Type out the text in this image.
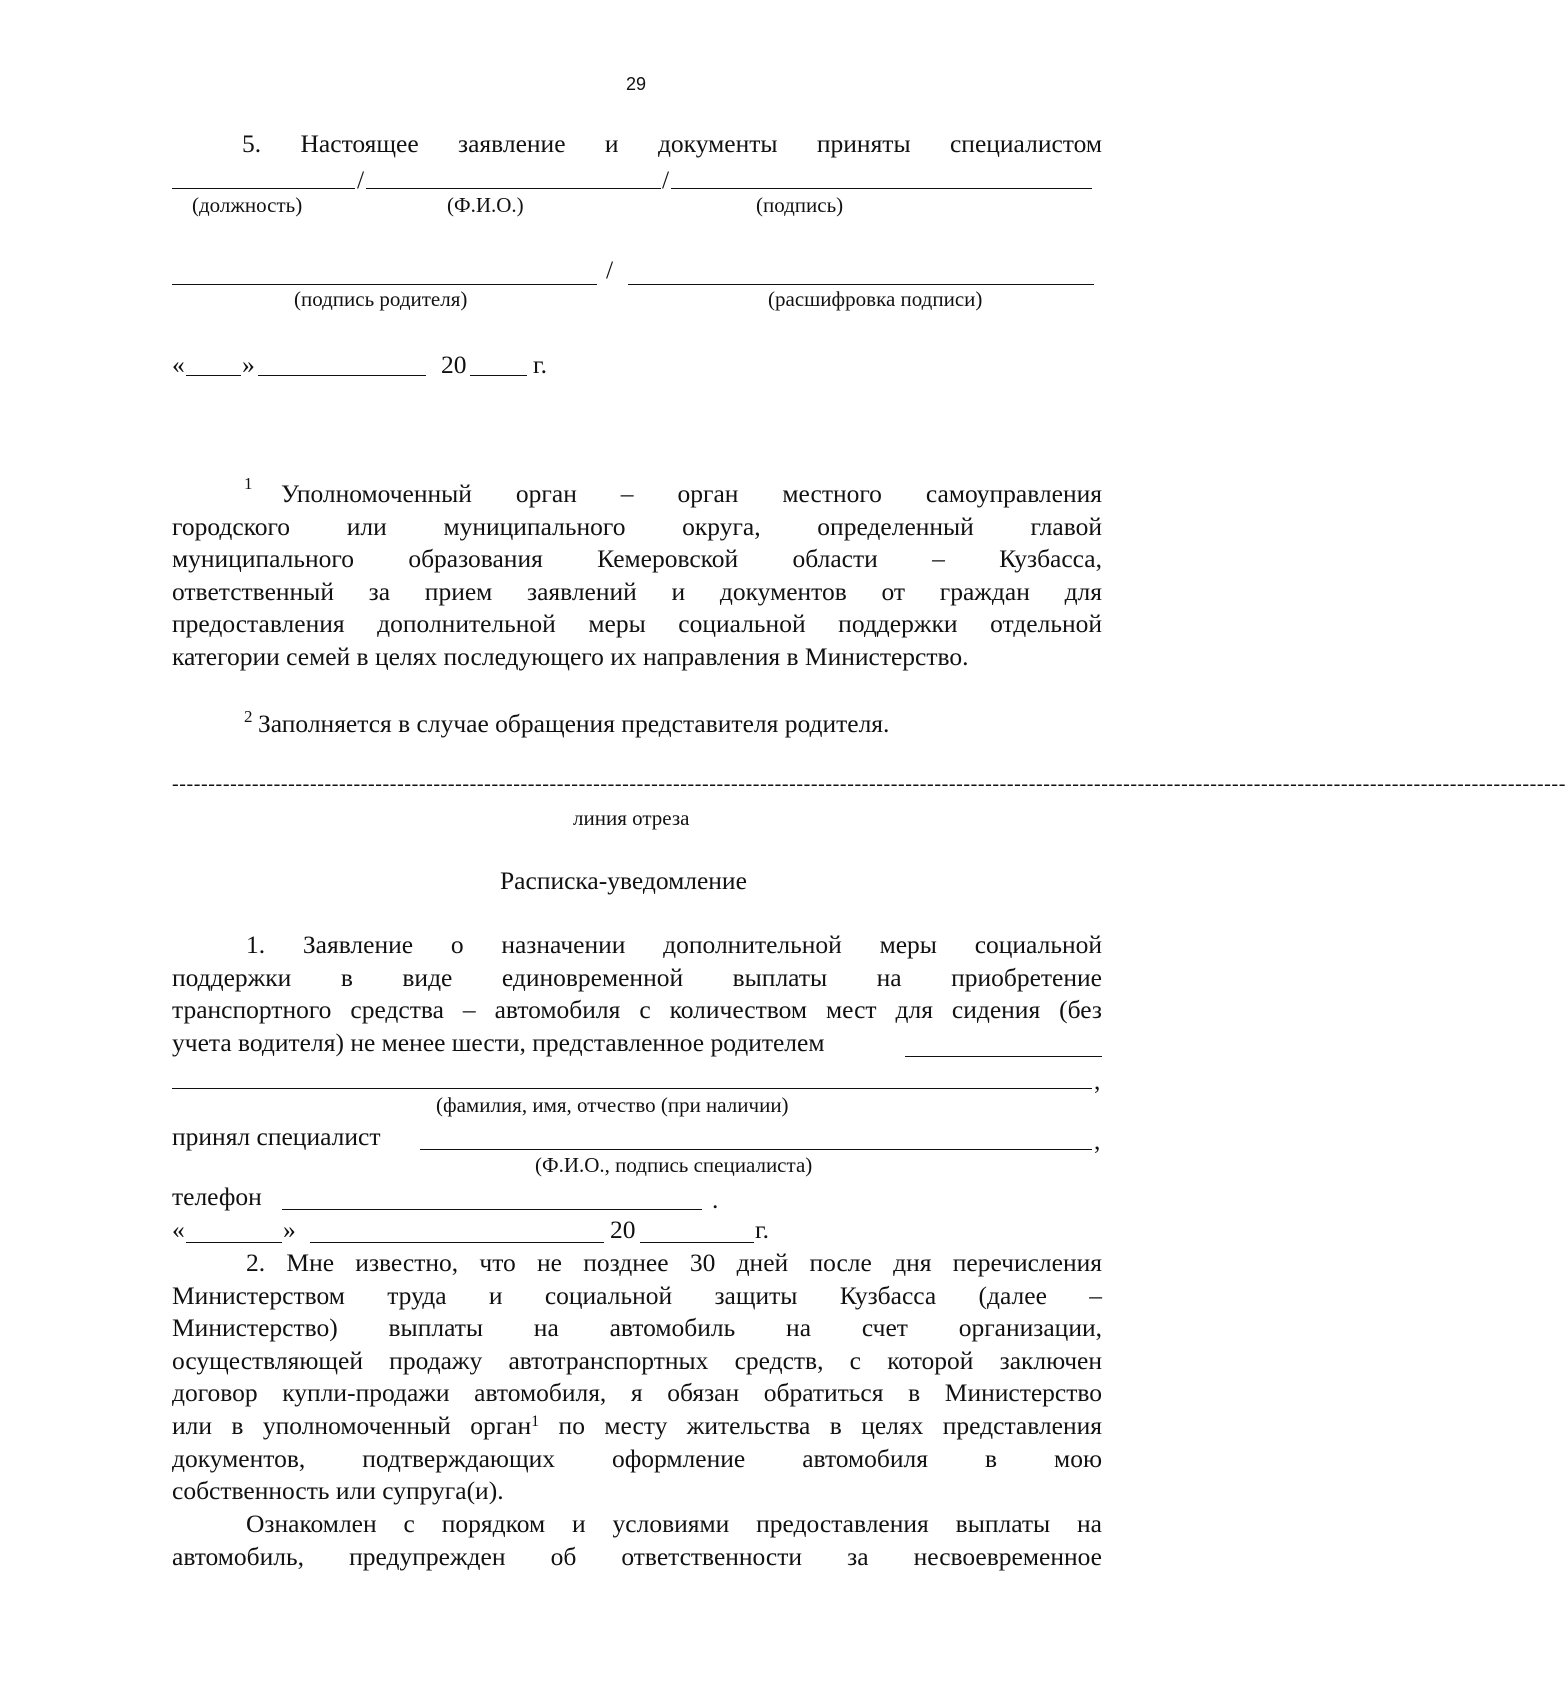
29
5. Настоящее заявление и документы приняты специалистом
/	/
(должность)	(Ф.И.О.)	(подпись)
/
(подпись родителя)	(расшифровка подписи)
« »	20	г.
1 Уполномоченный орган – орган местного самоуправления
городского или муниципального округа, определенный главой
муниципального образования Кемеровской области – Кузбасса,
ответственный за прием заявлений и документов от граждан для
предоставления дополнительной меры социальной поддержки отдельной
категории семей в целях последующего их направления в Министерство.
2 Заполняется в случае обращения представителя родителя.
------------------------------------------------------------------------------------------------------------------------------------------------------------------------------------------------
линия отреза
Расписка-уведомление
1. Заявление о назначении дополнительной меры социальной
поддержки в виде единовременной выплаты на приобретение
транспортного средства – автомобиля с количеством мест для сидения (без
учета водителя) не менее шести, представленное родителем
,
(фамилия, имя, отчество (при наличии)
принял специалист	,
(Ф.И.О., подпись специалиста)
телефон	.
«	»	20	г.
2. Мне известно, что не позднее 30 дней после дня перечисления
Министерством труда и социальной защиты Кузбасса (далее –
Министерство) выплаты на автомобиль на счет организации,
осуществляющей продажу автотранспортных средств, с которой заключен
договор купли-продажи автомобиля, я обязан обратиться в Министерство
или в уполномоченный орган$^1$ по месту жительства в целях представления
документов, подтверждающих оформление автомобиля в мою
собственность или супруга(и).
Ознакомлен с порядком и условиями предоставления выплаты на
автомобиль, предупрежден об ответственности за несвоевременное
